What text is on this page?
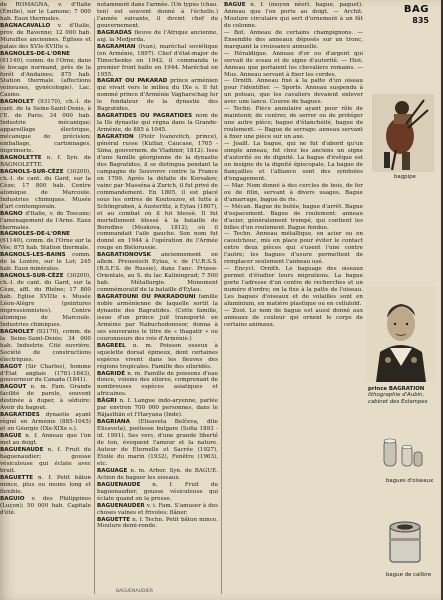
BAG
835

de ROMAGNA, v. d'Italie (Émilie), sur le Lamone; 7 000 hab. Eaux thermales.

BAGNACAVALLO v. d'Italie, prov. de Ravenne; 12 000 hab. Murailles anciennes. Églises et palais des XVIe-XVIIIe s.

BAGNOLES-DE-L'ORNE (61140), comm. de l'Orne, dans le bocage normand, près de la forêt d'Andaines; 875 hab. Station thermale (affections veineuses, gynécologie). Lac. Casino.

BAGNOLET (93170), ch.-l. de cant. de la Seine-Saint-Denis, à l'E. de Paris; 34 000 hab. Industrie mécanique; appareillage électrique, mécanique de précision; emballage, cartonnages, imprimerie.

BAGNOLETTE n. f. Syn. de BAGNOLETTE.

BAGNOLS-SUR-CÈZE (30200), ch.-l. de cant. du Gard, sur la Cèze; 17 800 hab. Centre atomique de Marcoule. Industries chimiques. Musée d'art contemporain.

BAGNO d'Italie, v. de Toscane; l'aménagement de l'Arno. Eaux thermales.

BAGNOLES-DE-L'ORNE (61140), comm. de l'Orne sur la Vée; 875 hab. Station thermale.

BAGNOLS-LES-BAINS comm. de la Lozère, sur le Lot; 245 hab. Eaux minérales.

BAGNOLS-SUR-CÈZE (30200), ch.-l. de cant. du Gard, sur la Cèze, affl. du Rhône; 17 800 hab. Eglise XVIIIe s. Musée Léon-Alègre (peintures impressionnistes). Centre atomique de Marcoule. Industries chimiques.

BAGNOLET (93170), comm. de la Seine-Saint-Denis; 34 000 hab. Industrie. Cité ouvrière. Société de constructions électriques.

BAGOT (Sir Charles), homme d'État anglais (1781-1843), gouverneur du Canada (1841).

BAGOUT n. m. Fam. Grande facilité de parole, souvent destinée à duper, à séduire: Avoir du bagout.

BAGRATIDES dynastie ayant régné en Arménie (885-1045) et en Géorgie (IXe-XIXe s.).

BAGUE n. f. Anneau que l'on met au doigt.

BAGUENAUDE n. f. Fruit du baguenaudier; gousse vésiculeuse qui éclate avec bruit.

BAGUETTE n. f. Petit bâton mince, plus ou moins long et flexible.

BAGUIO v. des Philippines (Luçon); 50 000 hab. Capitale d'été.

notamment dans l'armée. (Un typus (chao. ten) est souvent donné à l'échelle.) l'année suivante, il devint chef du gouvernement.

BAGRADAS fleuve de l'Afrique ancienne, auj. la Medjerda.

BAGRAMIAN (Ivan), maréchal soviétique (en Arménie, 1897). Chef d'état-major de Timochenko en 1942, il commanda le premier front balte en 1944. Maréchal en 1955.

BAGRAT OU PAKARAD prince arménien qui vivait vers le milieu du IXe s. Il fut nommé prince d'Arménie Vagharschag Ier le fondateur de la dynastie des Bagratides.

BAGRATIDES OU PAGRATIDES nom de la IIe dynastie qui régna dans la Grande-Arménie, de 885 à 1045.

BAGRATION (Piotr Ivanovitch, prince), général russe (Kizliar, Caucase, 1765 - Sima, gouvernem. de Vladimir, 1812). Issu d'une famille géorgienne de la dynastie des Bagratides, il se distingua pendant la campagne de Souvorov contre la France en 1799. Après la défaite de Korsakov, vainc par Masséna à Zurich, il fut privé de commandement. En 1805, il est placé sous les ordres de Koutouzov, et lutte à Schöngraben, à Austerlitz, à Eylau (1807), et au combat où il fut blessé. Il fut mortellement blessé à la bataille de Borodino (Moskova, 1812), où il commandait l'aile gauche. Son nom fut donné en 1944 à l'opération de l'Armée rouge en Biélorussie.

BAGRATIONOVSK anciennement en allem. Preussisch Eylau, v. de l'U.R.S.S. (R.S.F.S. de Russie), dans l'anc. Prusse-Orientale, au S. du lac Kaliningrad; 7 500 hab. Métallurgie. Monument commémoratif de la bataille d'Eylau.

BAGRATOUNI OU PAKRADOUNI famille noble arménienne de laquelle sortit la dynastie des Bagratides. (Cette famille, issue d'un prince juif transporté en Arménie par Nabuchodonosor, donna à ses souverains le titre de « thagatir » ou couronneurs des rois d'Arménie.)

BAGREEL n. m. Poisson osseux à squelette dorsal épineux, dont certaines espèces vivent dans les fleuves des régions tropicales. Famille des siluridés.

BAGRIDÉ n. m. Famille de poissons d'eau douce, voisins des silures, comprenant de nombreuses espèces asiatiques et africaines.

BÂGRI n. f. Langue indo-aryenne, parlée par environ 700 000 personnes, dans le Rājasthān et l'Haryana (Inde).

BAGRIANA (Elisaveta Belčeva, dite Elisaveta), poétesse bulgare (Sofia 1893 - id. 1991). Ses vers, d'une grande liberté de ton, évoquent l'amour et la nature. Auteur de Éternelle et Sacrée (1927), Étoile du marin (1932), Fenêtre (1963), etc.

BAGUAGE n. m. Arbor. Syn. de BAGUE. Action de baguer les oiseaux.

BAGUENAUDE n. f. Fruit du baguenaudier, gousse vésiculeuse qui éclate quand on la presse.

BAGUENAUDER v. i. Fam. S'amuser à des choses vaines et frivoles; flâner.

BAGUETTE n. f. Techn. Petit bâton mince. Moulure demi-ronde.

BAGUE n. f. (moyen néerl. bague, paquet). Anneau que l'on porte au doigt. — Archit. Moulure circulaire qui sert d'ornement à un fût de colonne.

— Bot. Anneau de certains champignons. — Ensemble des anneaux déposés sur un tronc, marquant la croissance annuelle.

— Héraldique. Anneau d'or ou d'argent qui servait de sceau et de signe d'autorité. — Hist. Anneau que portaient les chevaliers romains. — Mus. Anneau servant à fixer les cordes.

— Ornith. Anneau fixé à la patte d'un oiseau pour l'identifier. — Sports. Anneau suspendu à un poteau, que les cavaliers devaient enlever avec une lance. Course de bagues.

— Techn. Pièce annulaire ayant pour rôle de maintenir, de centrer, de serrer ou de protéger une autre pièce; bague d'étanchéité, bague de roulement. — Bague de serrage: anneau servant à fixer une pièce sur un axe.

— Joaill. La bague, qui ne fut d'abord qu'un simple anneau, fut chez les anciens un signe d'autorité ou de dignité. La bague d'évêque est un insigne de la dignité épiscopale. La bague de fiançailles et l'alliance sont des symboles d'engagement.

— Mar. Nom donné à des cercles de bois, de fer ou de filin, servant à divers usages. Bague d'amarrage, bague de ris.

— Mécan. Bague de butée, bague d'arrêt. Bague d'espacement. Bague de roulement: anneau d'acier, généralement trempé, qui contient les billes d'un roulement. Bague fendue.

— Techn. Anneau métallique, en acier ou en caoutchouc, mis en place pour éviter le contact entre deux pièces qui s'usent l'une contre l'autre; les bagues d'usure permettent de remplacer seulement l'anneau usé.

— Encycl. Ornith. Le baguage des oiseaux permet d'étudier leurs migrations. La bague porte l'adresse d'un centre de recherches et un numéro d'ordre; on la fixe à la patte de l'oiseau. Les bagues d'oiseaux et de volailles sont en aluminium, en matière plastique ou en celluloïd.

— Zool. Le nom de bague est aussi donné aux anneaux de couleur qui ornent le corps de certains animaux.

bagpipe
prince BAGRATION
lithographie d'Aubin, cabinet des Estampes
bagues d'oiseaux
bague de calibre
BAGUENAUDIER
